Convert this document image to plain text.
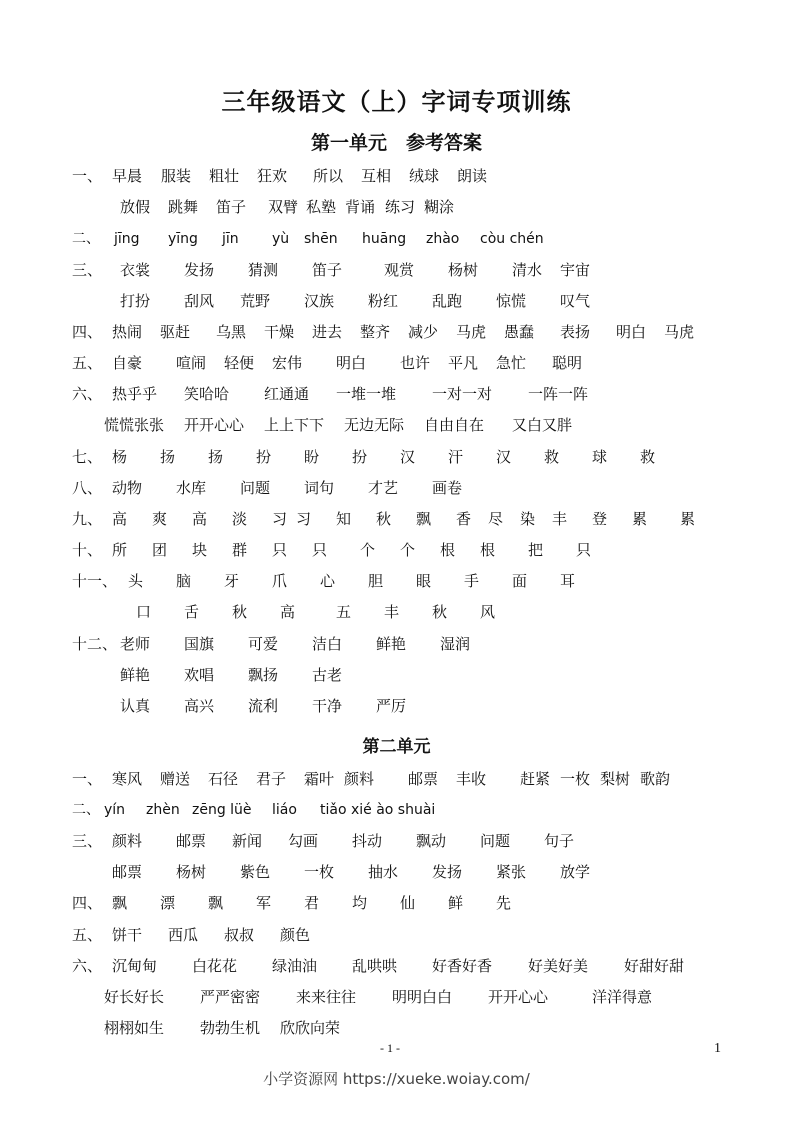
三年级语文（上）字词专项训练
第一单元　参考答案
一、 早晨 服装 粗壮 狂欢 所以 互相 绒球 朗读
放假 跳舞 笛子 双臂 私塾 背诵 练习 糊涂
二、 jīng yīng jīn yù shēn huāng zhào còu chén
三、 衣裳 发扬 猜测 笛子	观赏 杨树 清水 宇宙
打扮 刮风 荒野 汉族 粉红 乱跑 惊慌 叹气
四、 热闹 驱赶 乌黑 干燥 进去 整齐 减少 马虎 愚蠢 表扬 明白 马虎
五、 自豪 喧闹 轻便 宏伟 明白 也许 平凡 急忙 聪明
六、 热乎乎 笑哈哈 红通通 一堆一堆 一对一对 一阵一阵
慌慌张张 开开心心 上上下下 无边无际 自由自在 又白又胖
七、 杨 扬 扬 扮 盼 扮 汉 汗 汉 救 球 救
八、 动物 水库 问题 词句 才艺 画卷
九、 高 爽 高 淡 习 习 知 秋 飘 香 尽 染 丰 登 累 累
十、 所 团 块 群 只 只 个 个 根 根 把 只
十一、 头 脑 牙 爪 心 胆 眼 手 面 耳
口 舌 秋 高	五 丰 秋 风
十二、 老师 国旗 可爱 洁白 鲜艳 湿润
鲜艳 欢唱 飘扬 古老
认真 高兴 流利 干净 严厉
第二单元
一、 寒风 赠送 石径 君子 霜叶 颜料 邮票 丰收 赶紧 一枚 梨树 歌韵
二、 yín zhèn zēng lüè liáo tiǎo xié ào shuài
三、 颜料 邮票 新闻 勾画 抖动 飘动 问题 句子
邮票 杨树 紫色 一枚 抽水 发扬 紧张 放学
四、 飘 漂 飘 军 君 均 仙 鲜 先
五、 饼干 西瓜 叔叔 颜色
六、 沉甸甸 白花花 绿油油 乱哄哄 好香好香 好美好美 好甜好甜
好长好长 严严密密 来来往往 明明白白 开开心心	洋洋得意
栩栩如生 勃勃生机 欣欣向荣
- 1 -	1
小学资源网 https://xueke.woiay.com/
